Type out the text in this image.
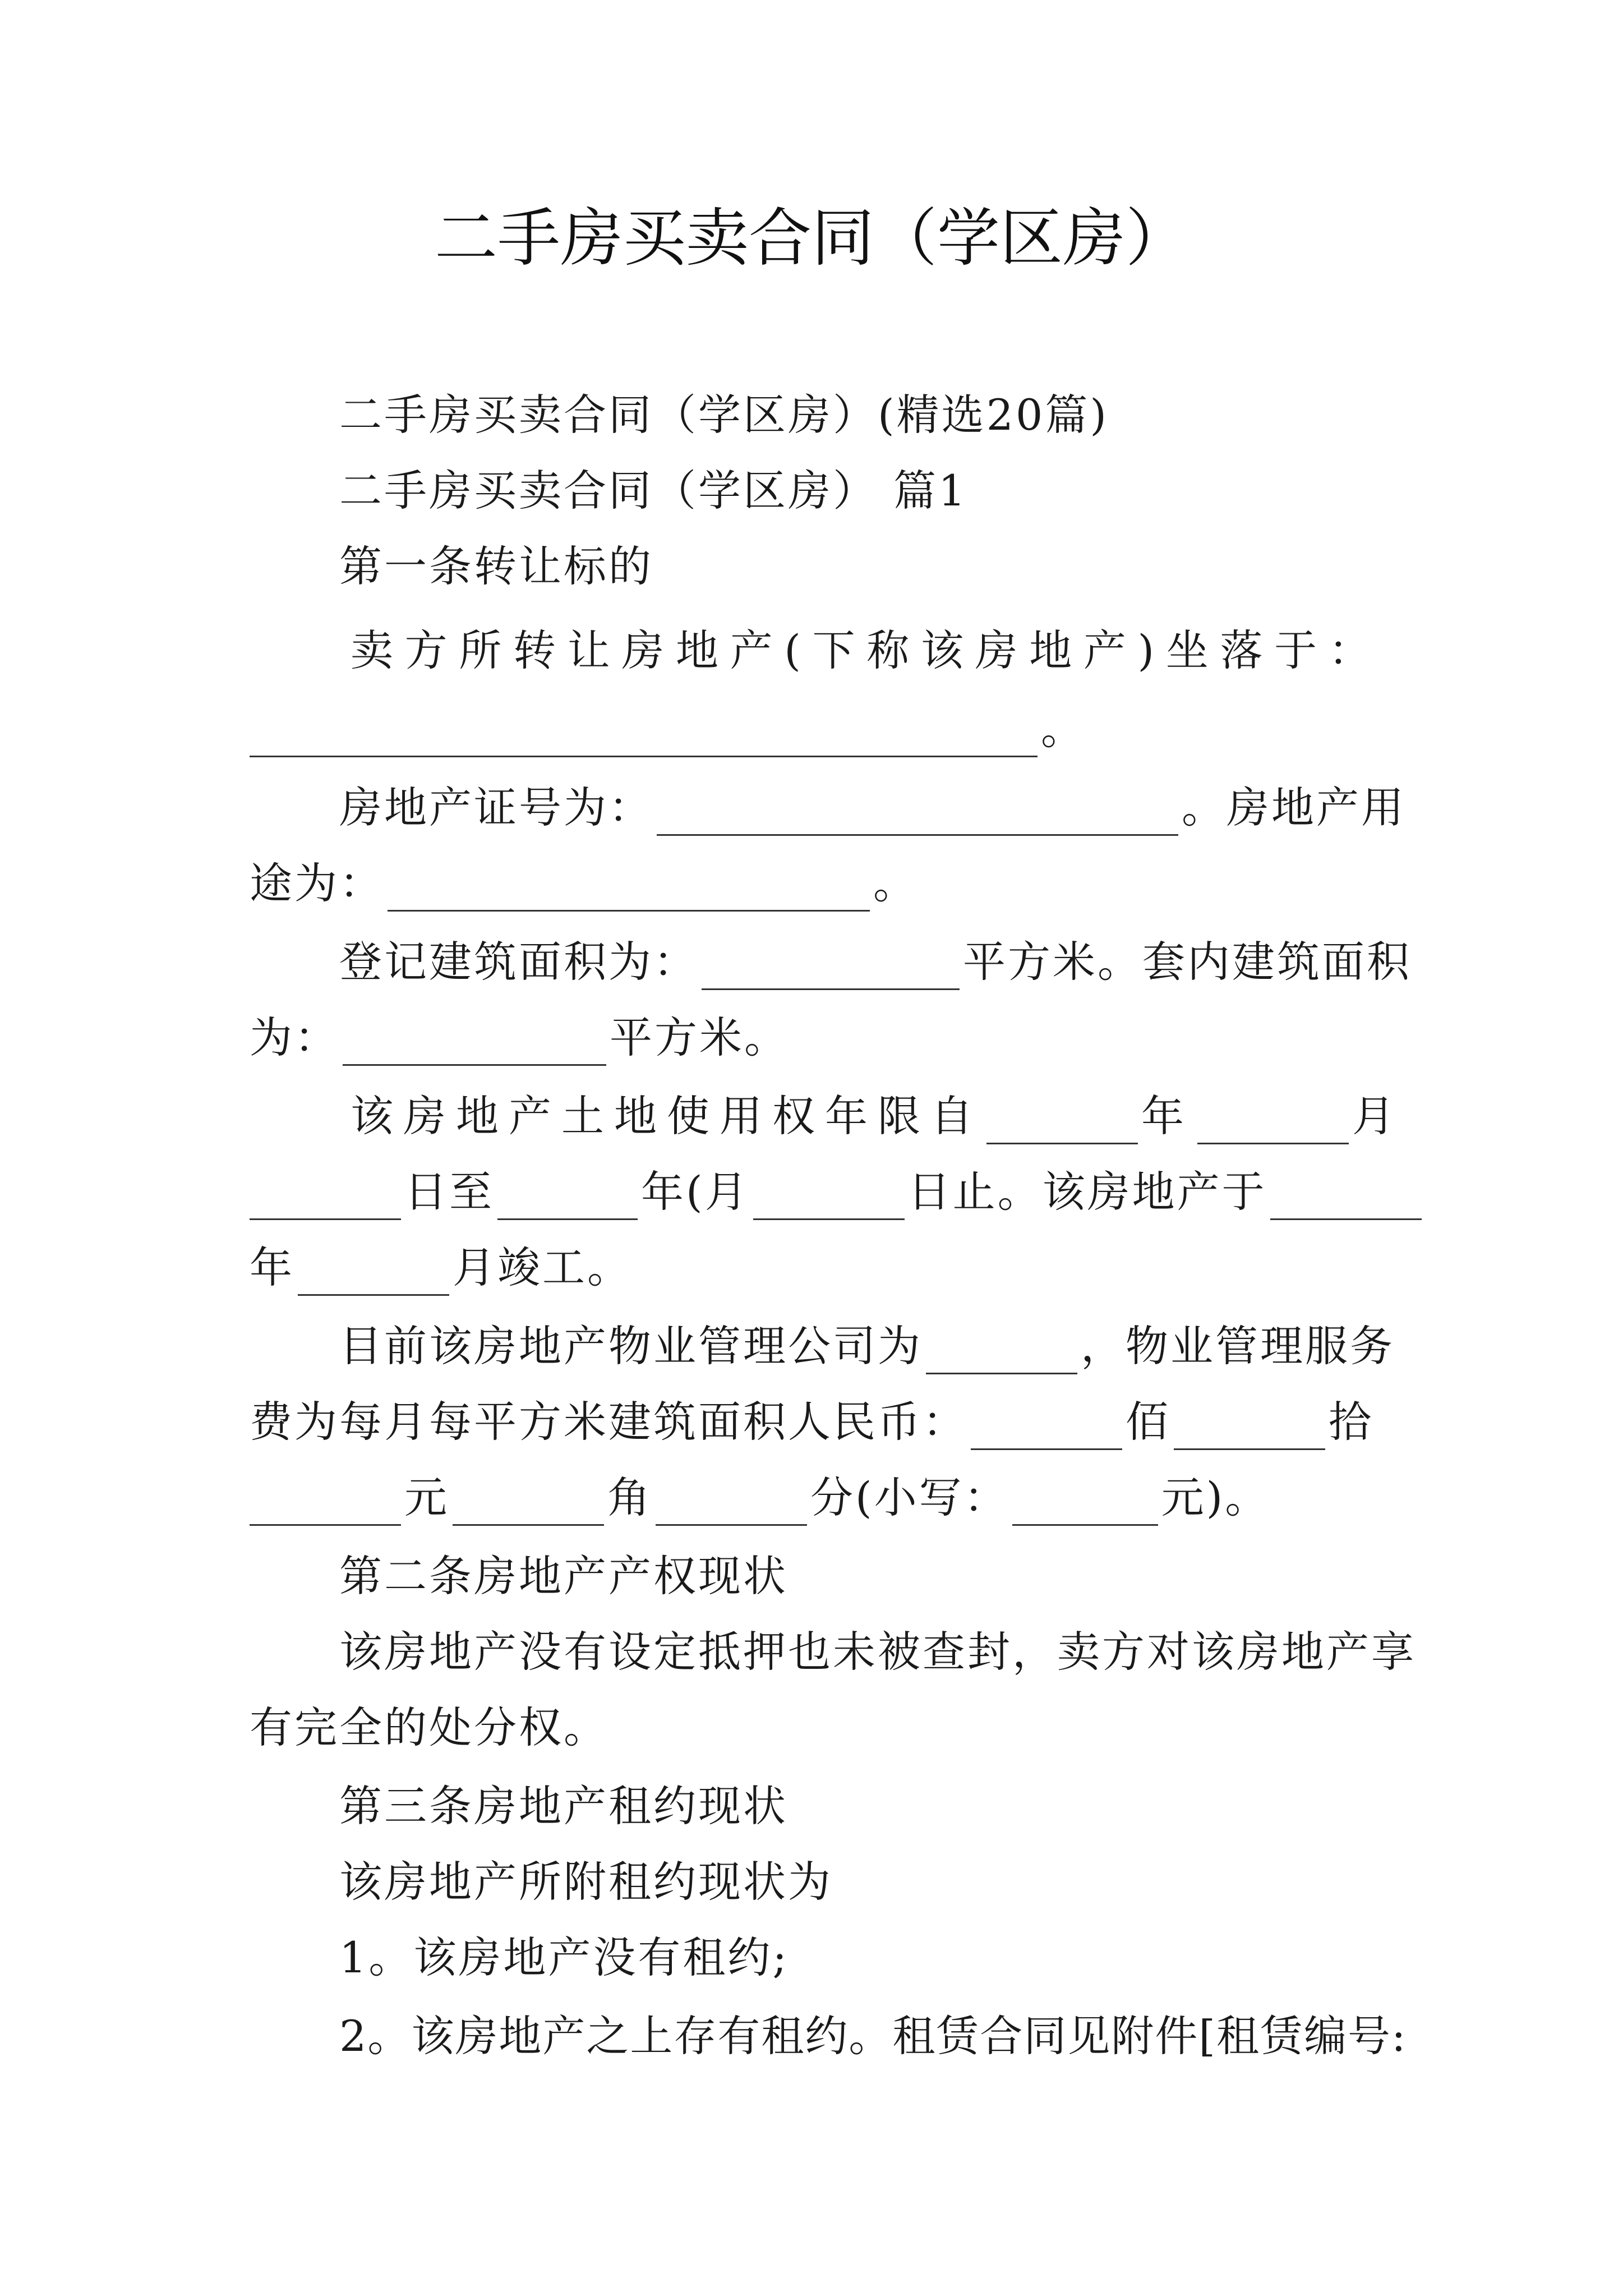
二手房买卖合同（学区房）
二手房买卖合同（学区房）(精选20篇)
二手房买卖合同（学区房） 篇1
第一条转让标的
卖 方 所 转 让 房 地 产 ( 下 称 该 房 地 产 ) 坐 落 于 ：
。
房地产证号为：	。房地产用
途为：	。
登记建筑面积为：	平方米。套内建筑面积
为：	平方米。
该房地产土地使用权年限自	年	月
日至	年(月	日止。该房地产于
年	月竣工。
目前该房地产物业管理公司为	，物业管理服务
费为每月每平方米建筑面积人民币：	佰	拾
元	角	分(小写：	元)。
第二条房地产产权现状
该房地产没有设定抵押也未被查封，卖方对该房地产享
有完全的处分权。
第三条房地产租约现状
该房地产所附租约现状为
1。该房地产没有租约;
2。该房地产之上存有租约。租赁合同见附件[租赁编号:
